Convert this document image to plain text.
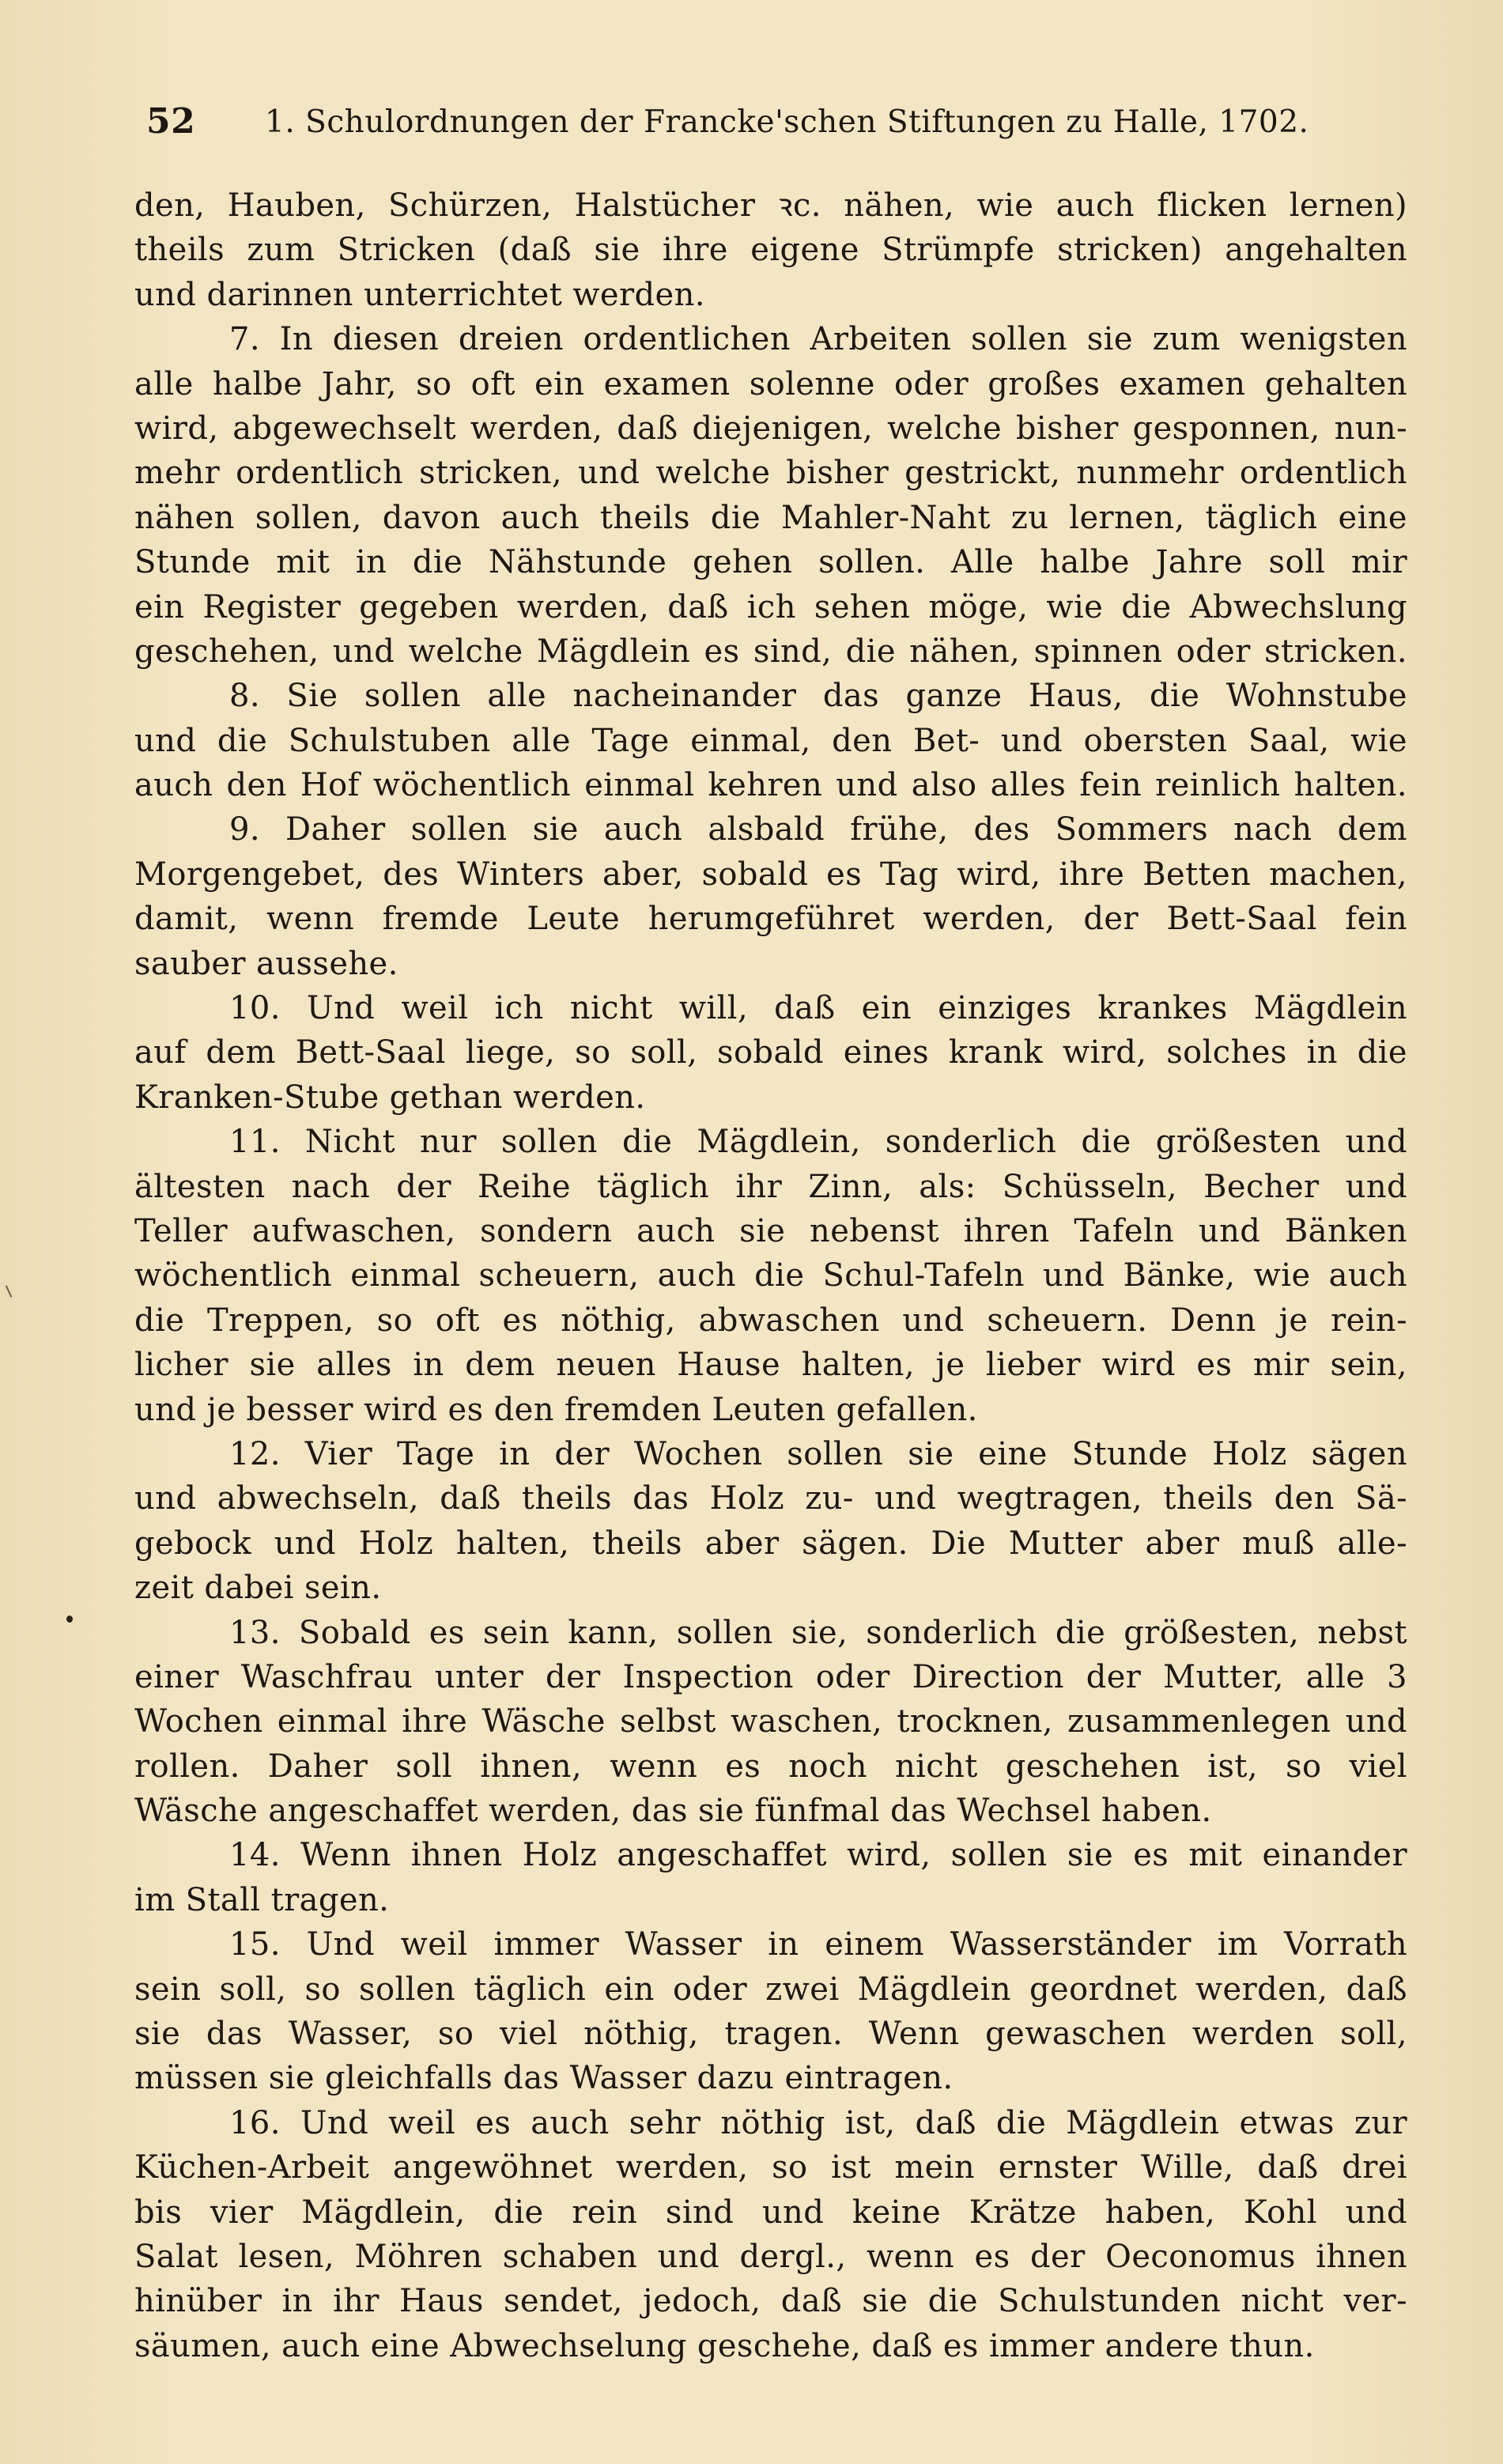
52 1. Schulordnungen der Francke'schen Stiftungen zu Halle, 1702.
den, Hauben, Schürzen, Halstücher ꝛc. nähen, wie auch flicken lernen)
theils zum Stricken (daß sie ihre eigene Strümpfe stricken) angehalten
und darinnen unterrichtet werden.
7. In diesen dreien ordentlichen Arbeiten sollen sie zum wenigsten
alle halbe Jahr, so oft ein examen solenne oder großes examen gehalten
wird, abgewechselt werden, daß diejenigen, welche bisher gesponnen, nun-
mehr ordentlich stricken, und welche bisher gestrickt, nunmehr ordentlich
nähen sollen, davon auch theils die Mahler-Naht zu lernen, täglich eine
Stunde mit in die Nähstunde gehen sollen. Alle halbe Jahre soll mir
ein Register gegeben werden, daß ich sehen möge, wie die Abwechslung
geschehen, und welche Mägdlein es sind, die nähen, spinnen oder stricken.
8. Sie sollen alle nacheinander das ganze Haus, die Wohnstube
und die Schulstuben alle Tage einmal, den Bet- und obersten Saal, wie
auch den Hof wöchentlich einmal kehren und also alles fein reinlich halten.
9. Daher sollen sie auch alsbald frühe, des Sommers nach dem
Morgengebet, des Winters aber, sobald es Tag wird, ihre Betten machen,
damit, wenn fremde Leute herumgeführet werden, der Bett-Saal fein
sauber aussehe.
10. Und weil ich nicht will, daß ein einziges krankes Mägdlein
auf dem Bett-Saal liege, so soll, sobald eines krank wird, solches in die
Kranken-Stube gethan werden.
11. Nicht nur sollen die Mägdlein, sonderlich die größesten und
ältesten nach der Reihe täglich ihr Zinn, als: Schüsseln, Becher und
Teller aufwaschen, sondern auch sie nebenst ihren Tafeln und Bänken
wöchentlich einmal scheuern, auch die Schul-Tafeln und Bänke, wie auch
die Treppen, so oft es nöthig, abwaschen und scheuern. Denn je rein-
licher sie alles in dem neuen Hause halten, je lieber wird es mir sein,
und je besser wird es den fremden Leuten gefallen.
12. Vier Tage in der Wochen sollen sie eine Stunde Holz sägen
und abwechseln, daß theils das Holz zu- und wegtragen, theils den Sä-
gebock und Holz halten, theils aber sägen. Die Mutter aber muß alle-
zeit dabei sein.
13. Sobald es sein kann, sollen sie, sonderlich die größesten, nebst
einer Waschfrau unter der Inspection oder Direction der Mutter, alle 3
Wochen einmal ihre Wäsche selbst waschen, trocknen, zusammenlegen und
rollen. Daher soll ihnen, wenn es noch nicht geschehen ist, so viel
Wäsche angeschaffet werden, das sie fünfmal das Wechsel haben.
14. Wenn ihnen Holz angeschaffet wird, sollen sie es mit einander
im Stall tragen.
15. Und weil immer Wasser in einem Wasserständer im Vorrath
sein soll, so sollen täglich ein oder zwei Mägdlein geordnet werden, daß
sie das Wasser, so viel nöthig, tragen. Wenn gewaschen werden soll,
müssen sie gleichfalls das Wasser dazu eintragen.
16. Und weil es auch sehr nöthig ist, daß die Mägdlein etwas zur
Küchen-Arbeit angewöhnet werden, so ist mein ernster Wille, daß drei
bis vier Mägdlein, die rein sind und keine Krätze haben, Kohl und
Salat lesen, Möhren schaben und dergl., wenn es der Oeconomus ihnen
hinüber in ihr Haus sendet, jedoch, daß sie die Schulstunden nicht ver-
säumen, auch eine Abwechselung geschehe, daß es immer andere thun.
